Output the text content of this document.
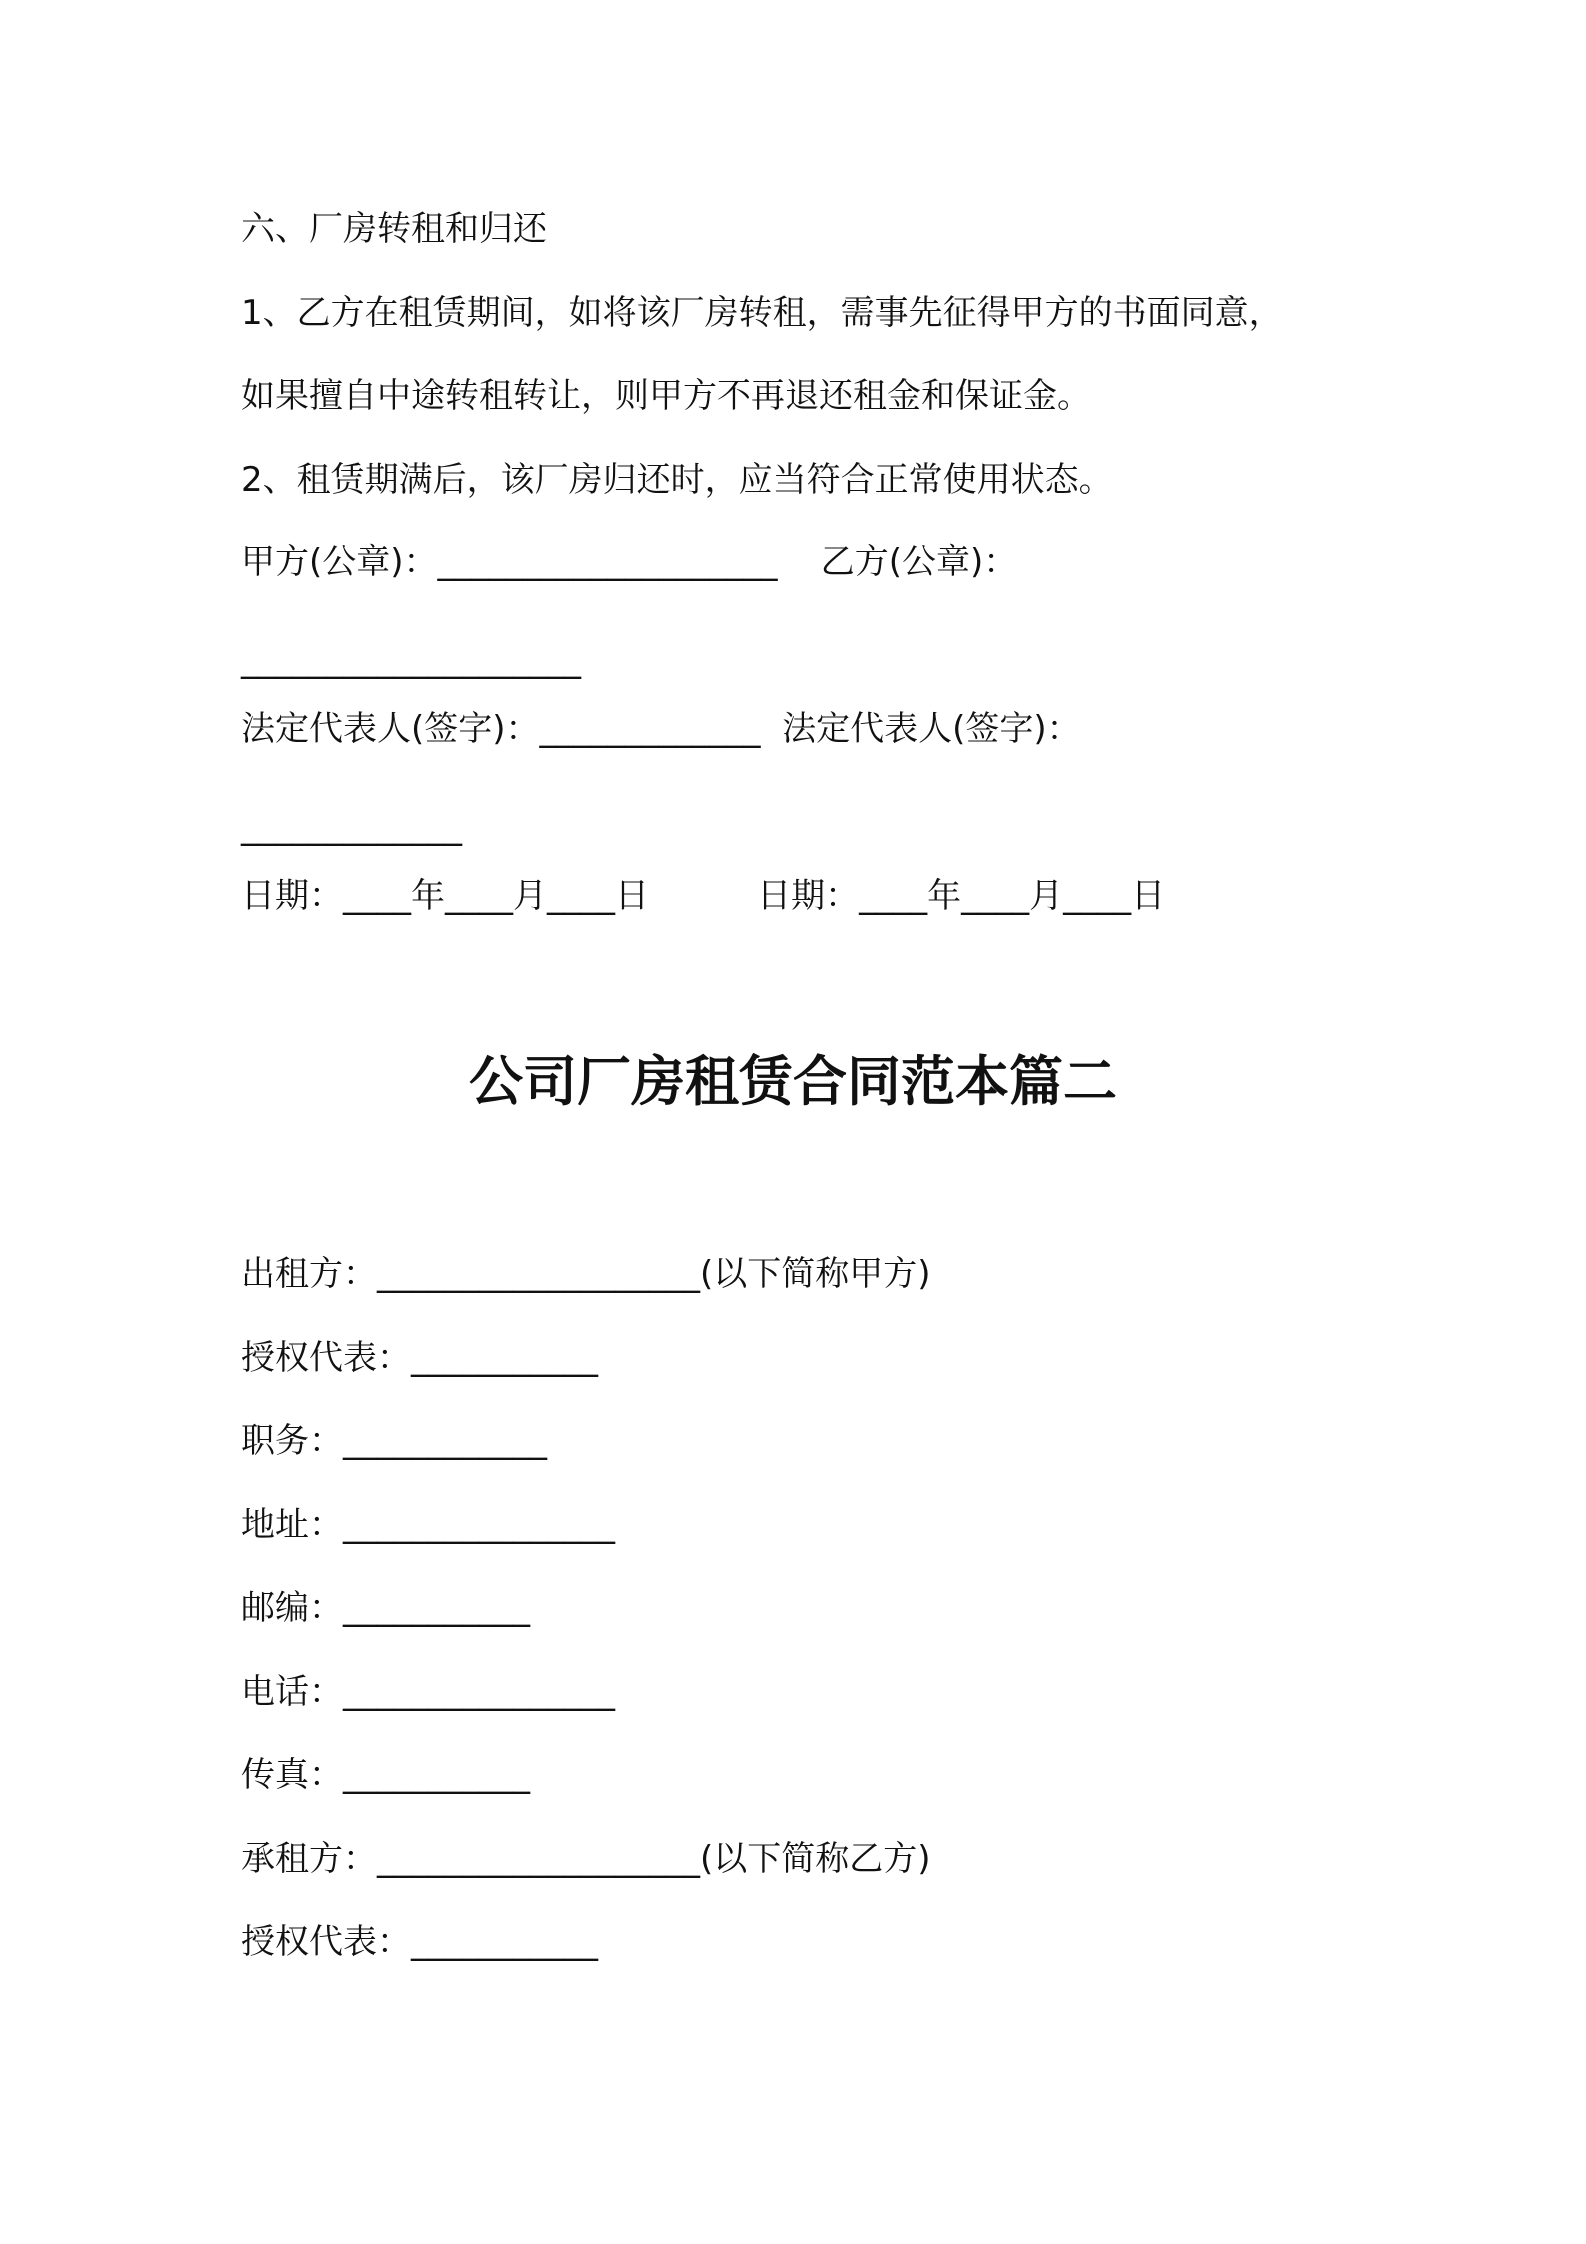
六、厂房转租和归还
1、乙方在租赁期间，如将该厂房转租，需事先征得甲方的书面同意，
如果擅自中途转租转让，则甲方不再退还租金和保证金。
2、租赁期满后，该厂房归还时，应当符合正常使用状态。
甲方(公章)：____________________    乙方(公章)：
____________________
法定代表人(签字)：_____________  法定代表人(签字)：
_____________
日期：____年____月____日          日期：____年____月____日
公司厂房租赁合同范本篇二
出租方：___________________(以下简称甲方)
授权代表：___________
职务：____________
地址：________________
邮编：___________
电话：________________
传真：___________
承租方：___________________(以下简称乙方)
授权代表：___________
